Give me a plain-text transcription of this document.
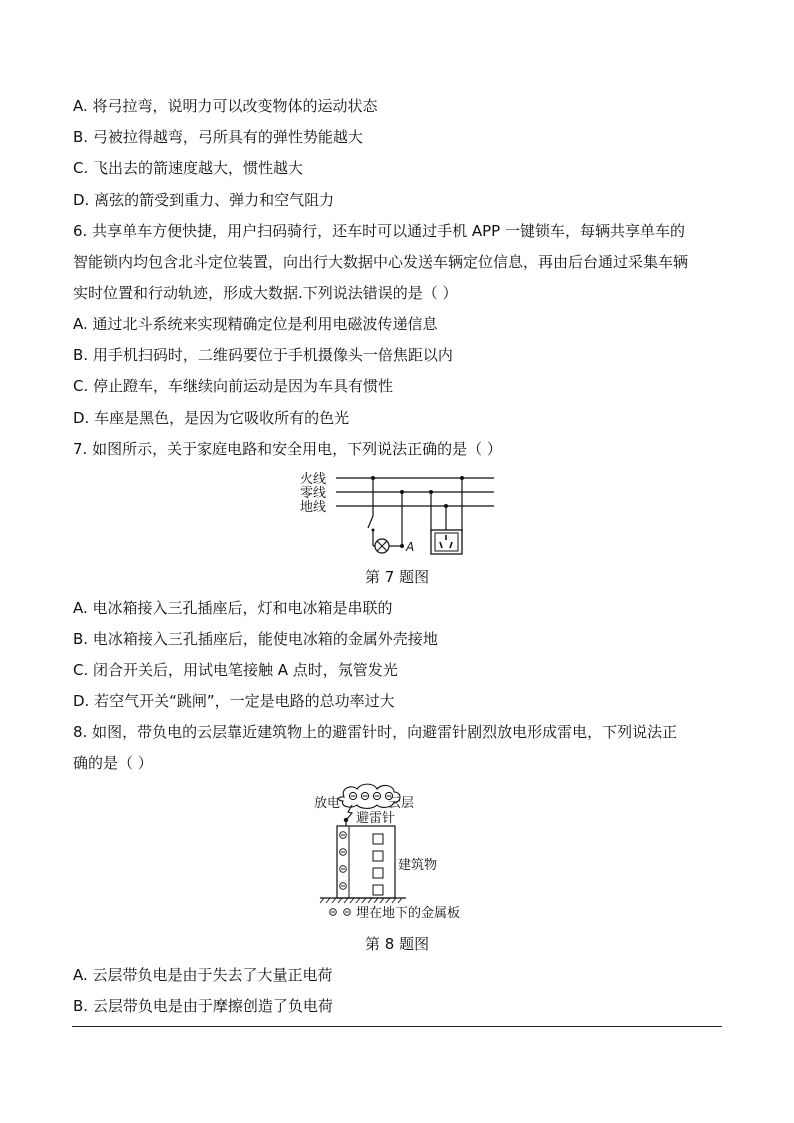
A. 将弓拉弯，说明力可以改变物体的运动状态
B. 弓被拉得越弯，弓所具有的弹性势能越大
C. 飞出去的箭速度越大，惯性越大
D. 离弦的箭受到重力、弹力和空气阻力
6. 共享单车方便快捷，用户扫码骑行，还车时可以通过手机 APP 一键锁车，每辆共享单车的
智能锁内均包含北斗定位装置，向出行大数据中心发送车辆定位信息，再由后台通过采集车辆
实时位置和行动轨迹，形成大数据.下列说法错误的是（ ）
A. 通过北斗系统来实现精确定位是利用电磁波传递信息
B. 用手机扫码时，二维码要位于手机摄像头一倍焦距以内
C. 停止蹬车，车继续向前运动是因为车具有惯性
D. 车座是黑色，是因为它吸收所有的色光
7. 如图所示，关于家庭电路和安全用电，下列说法正确的是（ ）
火线
零线
地线
A
第 7 题图
A. 电冰箱接入三孔插座后，灯和电冰箱是串联的
B. 电冰箱接入三孔插座后，能使电冰箱的金属外壳接地
C. 闭合开关后，用试电笔接触 A 点时，氖管发光
D. 若空气开关“跳闸”，一定是电路的总功率过大
8. 如图，带负电的云层靠近建筑物上的避雷针时，向避雷针剧烈放电形成雷电，下列说法正
确的是（ ）
放电	云层
避雷针
建筑物
埋在地下的金属板
第 8 题图
A. 云层带负电是由于失去了大量正电荷
B. 云层带负电是由于摩擦创造了负电荷
